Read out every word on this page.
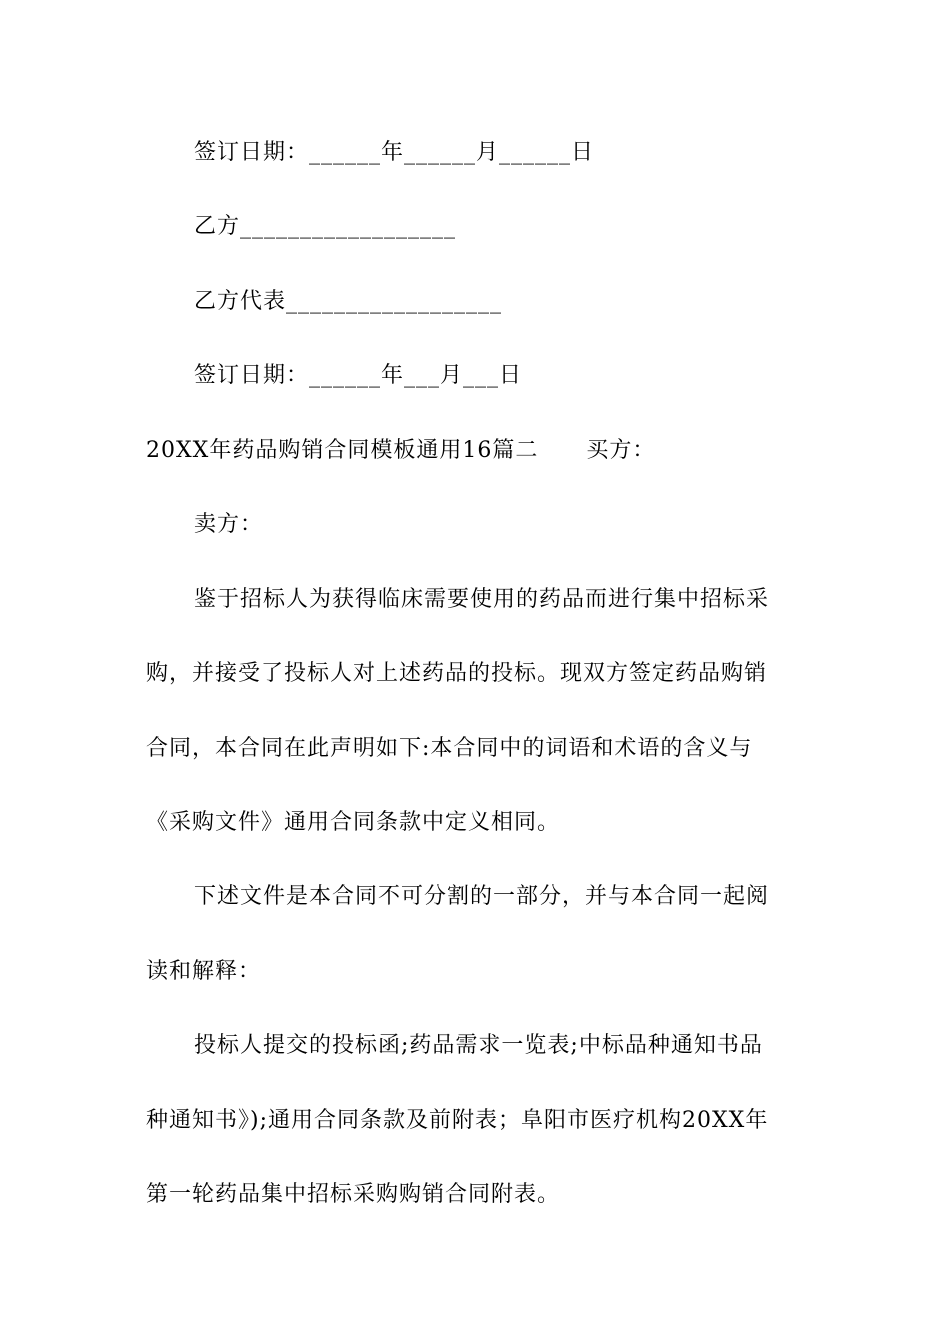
签订日期：______年______月______日
乙方__________________
乙方代表__________________
签订日期：______年___月___日
20XX年药品购销合同模板通用16篇二 买方：
卖方：
鉴于招标人为获得临床需要使用的药品而进行集中招标采
购，并接受了投标人对上述药品的投标。现双方签定药品购销
合同，本合同在此声明如下:本合同中的词语和术语的含义与
《采购文件》通用合同条款中定义相同。
下述文件是本合同不可分割的一部分，并与本合同一起阅
读和解释：
投标人提交的投标函;药品需求一览表;中标品种通知书品
种通知书》);通用合同条款及前附表；阜阳市医疗机构20XX年
第一轮药品集中招标采购购销合同附表。
